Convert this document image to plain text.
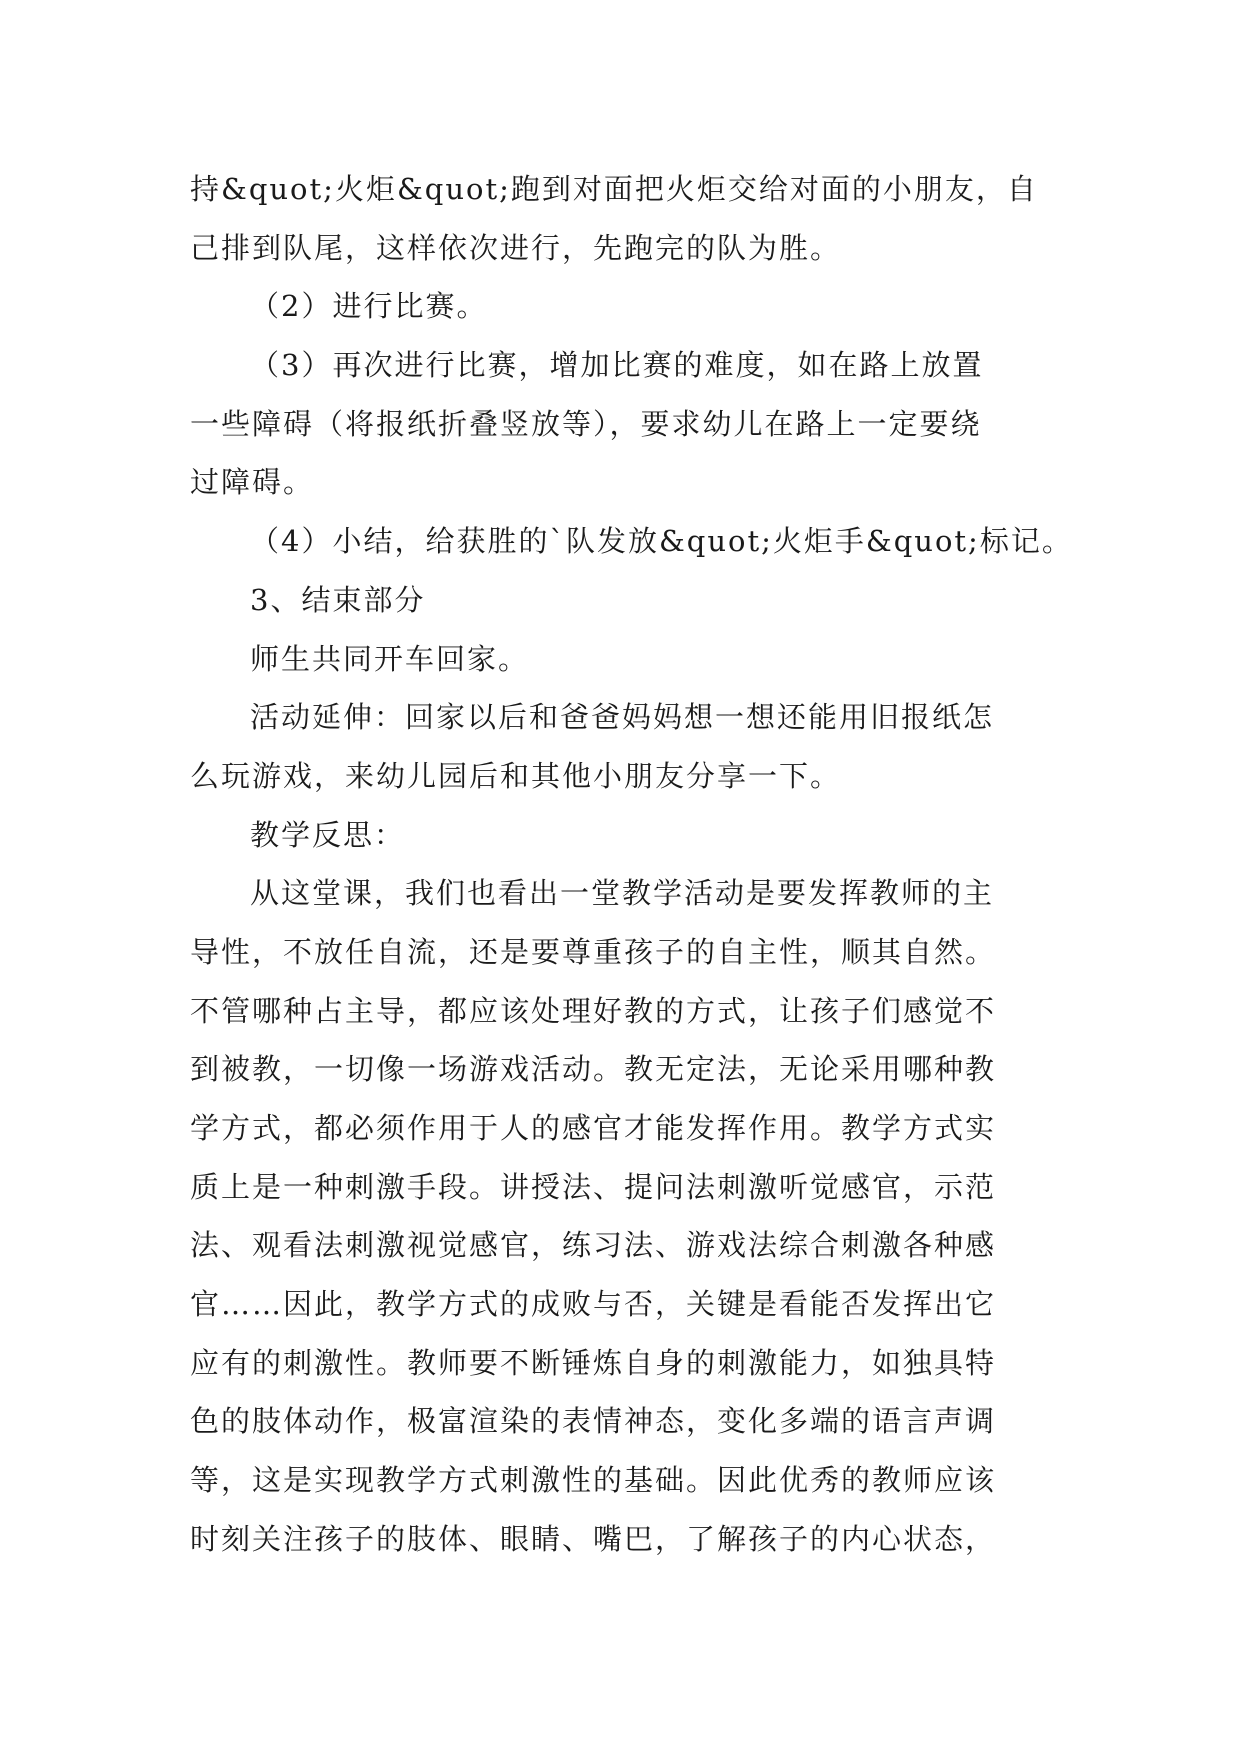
持&quot;火炬&quot;跑到对面把火炬交给对面的小朋友，自
己排到队尾，这样依次进行，先跑完的队为胜。
（2）进行比赛。
（3）再次进行比赛，增加比赛的难度，如在路上放置
一些障碍（将报纸折叠竖放等），要求幼儿在路上一定要绕
过障碍。
（4）小结，给获胜的`队发放&quot;火炬手&quot;标记。
3、结束部分
师生共同开车回家。
活动延伸：回家以后和爸爸妈妈想一想还能用旧报纸怎
么玩游戏，来幼儿园后和其他小朋友分享一下。
教学反思：
从这堂课，我们也看出一堂教学活动是要发挥教师的主
导性，不放任自流，还是要尊重孩子的自主性，顺其自然。
不管哪种占主导，都应该处理好教的方式，让孩子们感觉不
到被教，一切像一场游戏活动。教无定法，无论采用哪种教
学方式，都必须作用于人的感官才能发挥作用。教学方式实
质上是一种刺激手段。讲授法、提问法刺激听觉感官，示范
法、观看法刺激视觉感官，练习法、游戏法综合刺激各种感
官……因此，教学方式的成败与否，关键是看能否发挥出它
应有的刺激性。教师要不断锤炼自身的刺激能力，如独具特
色的肢体动作，极富渲染的表情神态，变化多端的语言声调
等，这是实现教学方式刺激性的基础。因此优秀的教师应该
时刻关注孩子的肢体、眼睛、嘴巴，了解孩子的内心状态，
